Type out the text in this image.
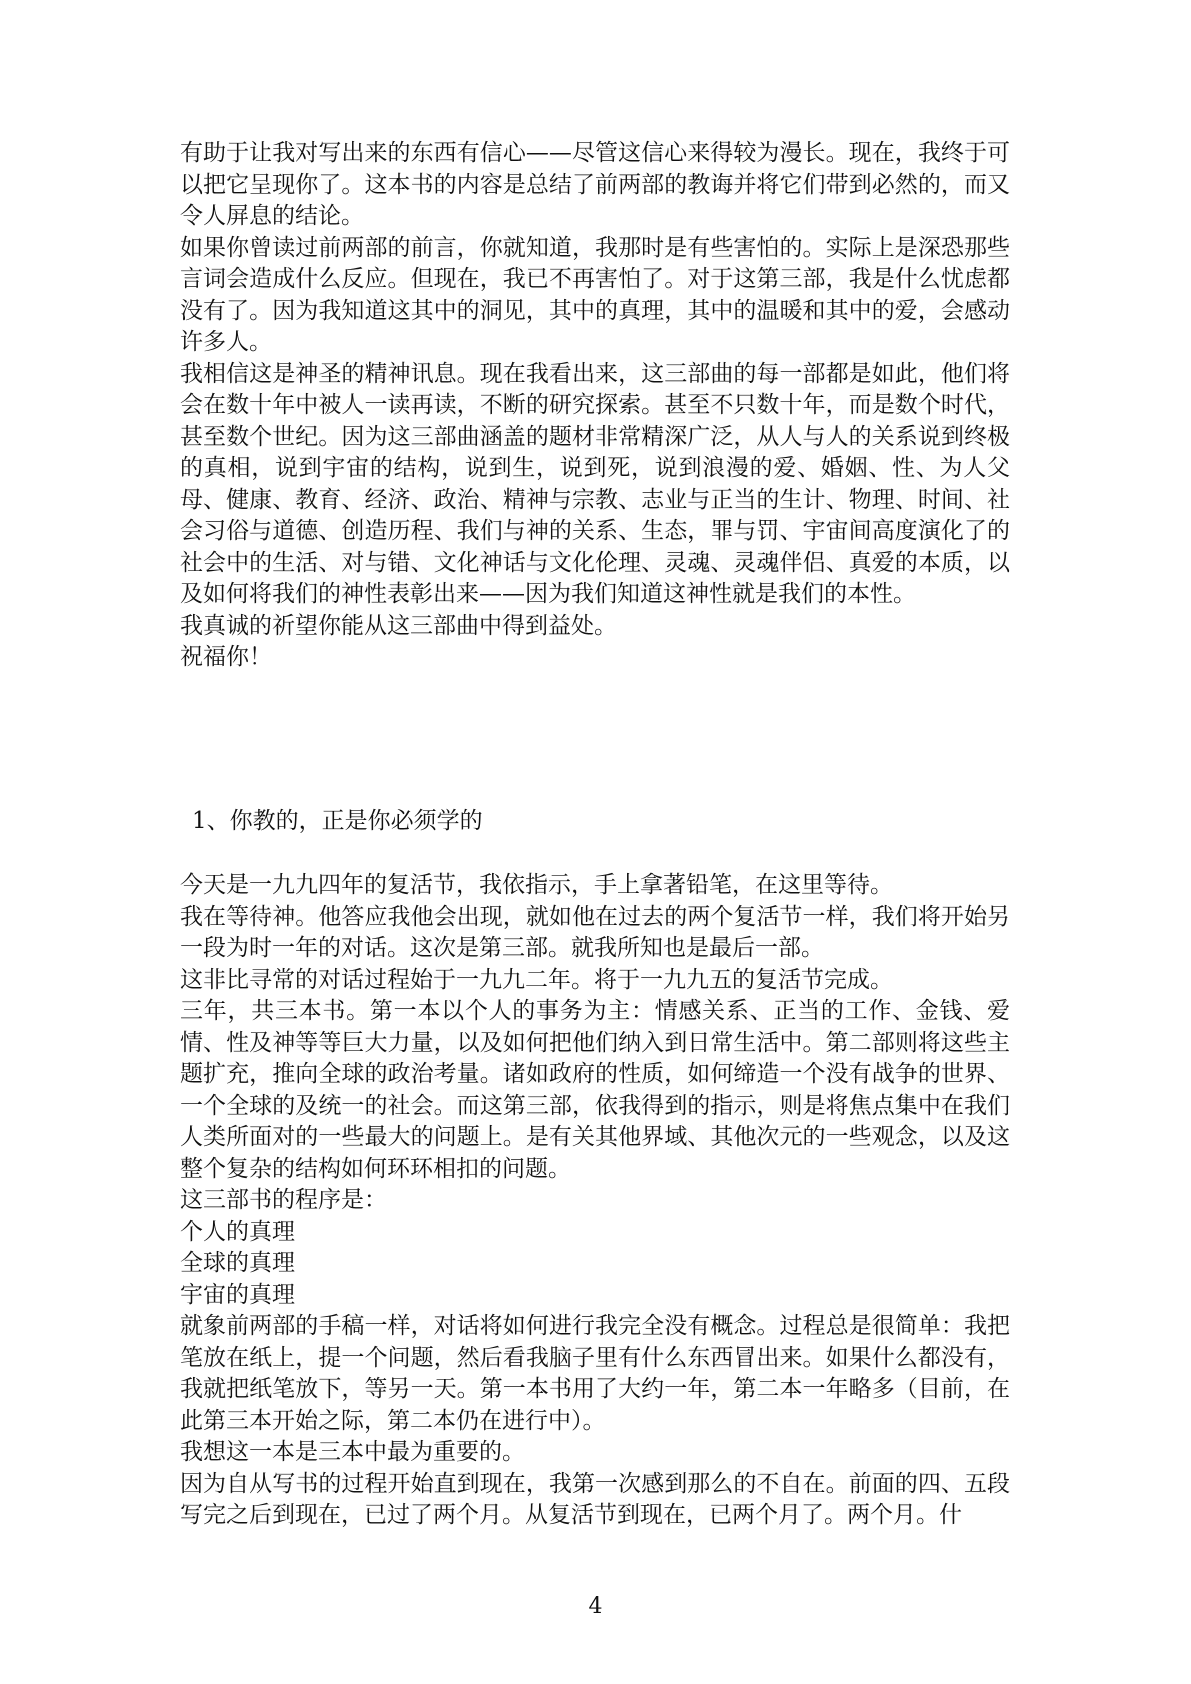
有助于让我对写出来的东西有信心——尽管这信心来得较为漫长。现在，我终于可以把它呈现你了。这本书的内容是总结了前两部的教诲并将它们带到必然的，而又令人屏息的结论。

如果你曾读过前两部的前言，你就知道，我那时是有些害怕的。实际上是深恐那些言词会造成什么反应。但现在，我已不再害怕了。对于这第三部，我是什么忧虑都没有了。因为我知道这其中的洞见，其中的真理，其中的温暖和其中的爱，会感动许多人。

我相信这是神圣的精神讯息。现在我看出来，这三部曲的每一部都是如此，他们将会在数十年中被人一读再读，不断的研究探索。甚至不只数十年，而是数个时代，甚至数个世纪。因为这三部曲涵盖的题材非常精深广泛，从人与人的关系说到终极的真相，说到宇宙的结构，说到生，说到死，说到浪漫的爱、婚姻、性、为人父母、健康、教育、经济、政治、精神与宗教、志业与正当的生计、物理、时间、社会习俗与道德、创造历程、我们与神的关系、生态，罪与罚、宇宙间高度演化了的社会中的生活、对与错、文化神话与文化伦理、灵魂、灵魂伴侣、真爱的本质，以及如何将我们的神性表彰出来——因为我们知道这神性就是我们的本性。

我真诚的祈望你能从这三部曲中得到益处。

祝福你！

1、你教的，正是你必须学的

今天是一九九四年的复活节，我依指示，手上拿著铅笔，在这里等待。

我在等待神。他答应我他会出现，就如他在过去的两个复活节一样，我们将开始另一段为时一年的对话。这次是第三部。就我所知也是最后一部。

这非比寻常的对话过程始于一九九二年。将于一九九五的复活节完成。

三年，共三本书。第一本以个人的事务为主：情感关系、正当的工作、金钱、爱情、性及神等等巨大力量，以及如何把他们纳入到日常生活中。第二部则将这些主题扩充，推向全球的政治考量。诸如政府的性质，如何缔造一个没有战争的世界、一个全球的及统一的社会。而这第三部，依我得到的指示，则是将焦点集中在我们人类所面对的一些最大的问题上。是有关其他界域、其他次元的一些观念，以及这整个复杂的结构如何环环相扣的问题。

这三部书的程序是：

个人的真理

全球的真理

宇宙的真理

就象前两部的手稿一样，对话将如何进行我完全没有概念。过程总是很简单：我把笔放在纸上，提一个问题，然后看我脑子里有什么东西冒出来。如果什么都没有，我就把纸笔放下，等另一天。第一本书用了大约一年，第二本一年略多（目前，在此第三本开始之际，第二本仍在进行中）。

我想这一本是三本中最为重要的。

因为自从写书的过程开始直到现在，我第一次感到那么的不自在。前面的四、五段写完之后到现在，已过了两个月。从复活节到现在，已两个月了。两个月。什

4
